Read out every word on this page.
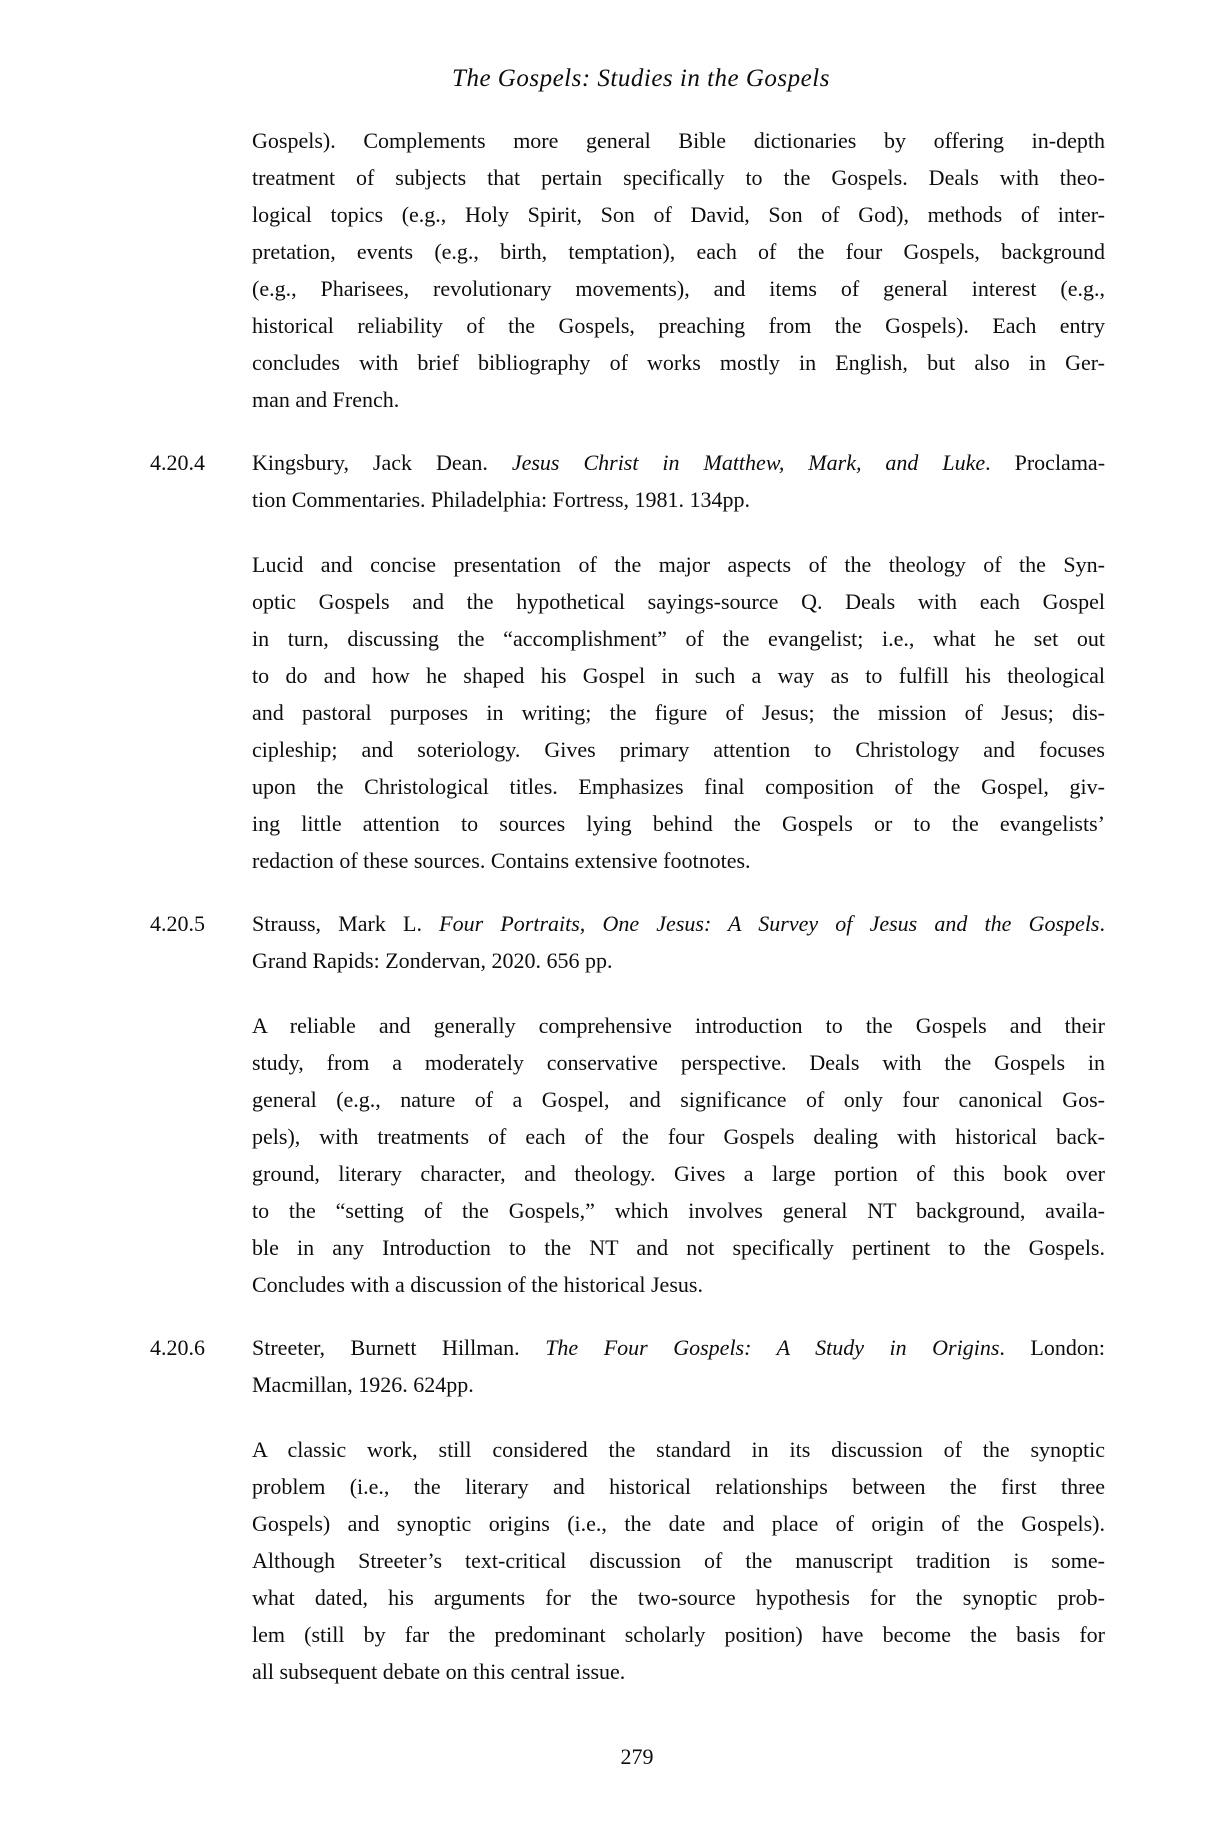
The Gospels: Studies in the Gospels
Gospels). Complements more general Bible dictionaries by offering in-depth
treatment of subjects that pertain specifically to the Gospels. Deals with theo-
logical topics (e.g., Holy Spirit, Son of David, Son of God), methods of inter-
pretation, events (e.g., birth, temptation), each of the four Gospels, background
(e.g., Pharisees, revolutionary movements), and items of general interest (e.g.,
historical reliability of the Gospels, preaching from the Gospels). Each entry
concludes with brief bibliography of works mostly in English, but also in Ger-
man and French.
4.20.4	Kingsbury, Jack Dean. Jesus Christ in Matthew, Mark, and Luke. Proclama-
tion Commentaries. Philadelphia: Fortress, 1981. 134pp.
Lucid and concise presentation of the major aspects of the theology of the Syn-
optic Gospels and the hypothetical sayings-source Q. Deals with each Gospel
in turn, discussing the “accomplishment” of the evangelist; i.e., what he set out
to do and how he shaped his Gospel in such a way as to fulfill his theological
and pastoral purposes in writing; the figure of Jesus; the mission of Jesus; dis-
cipleship; and soteriology. Gives primary attention to Christology and focuses
upon the Christological titles. Emphasizes final composition of the Gospel, giv-
ing little attention to sources lying behind the Gospels or to the evangelists’
redaction of these sources. Contains extensive footnotes.
4.20.5	Strauss, Mark L. Four Portraits, One Jesus: A Survey of Jesus and the Gospels.
Grand Rapids: Zondervan, 2020. 656 pp.
A reliable and generally comprehensive introduction to the Gospels and their
study, from a moderately conservative perspective. Deals with the Gospels in
general (e.g., nature of a Gospel, and significance of only four canonical Gos-
pels), with treatments of each of the four Gospels dealing with historical back-
ground, literary character, and theology. Gives a large portion of this book over
to the “setting of the Gospels,” which involves general NT background, availa-
ble in any Introduction to the NT and not specifically pertinent to the Gospels.
Concludes with a discussion of the historical Jesus.
4.20.6	Streeter, Burnett Hillman. The Four Gospels: A Study in Origins. London:
Macmillan, 1926. 624pp.
A classic work, still considered the standard in its discussion of the synoptic
problem (i.e., the literary and historical relationships between the first three
Gospels) and synoptic origins (i.e., the date and place of origin of the Gospels).
Although Streeter’s text-critical discussion of the manuscript tradition is some-
what dated, his arguments for the two-source hypothesis for the synoptic prob-
lem (still by far the predominant scholarly position) have become the basis for
all subsequent debate on this central issue.
279
